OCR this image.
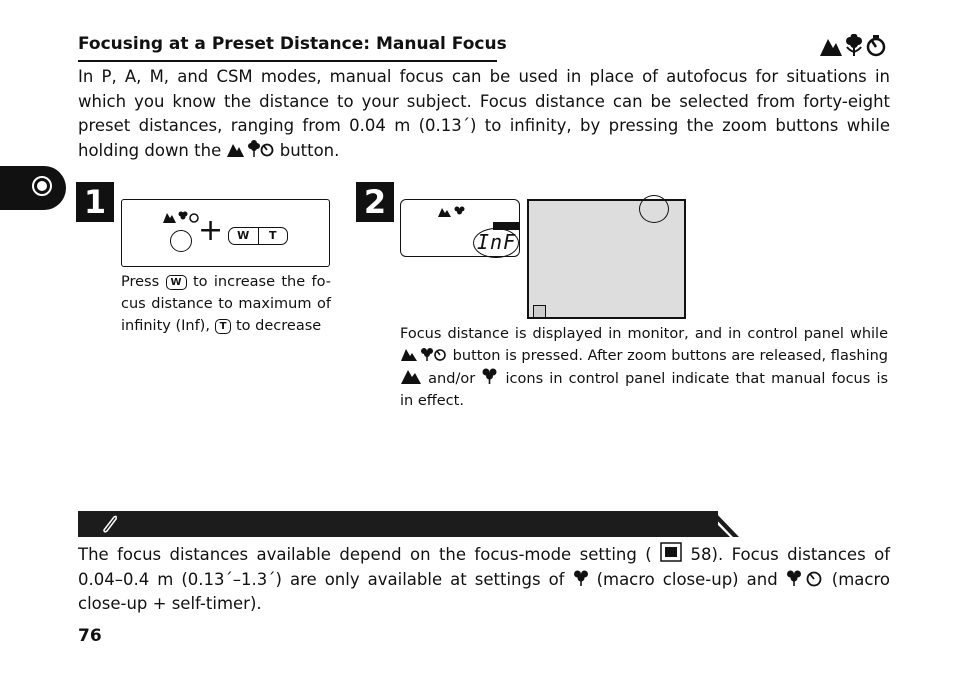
Focusing at a Preset Distance: Manual Focus
In P, A, M, and CSM modes, manual focus can be used in place of autofocus for situations in which you know the distance to your subject. Focus distance can be selected from forty-eight preset distances, ranging from 0.04 m (0.13´) to infinity, by pressing the zoom buttons while holding down the	button.
1
+	W	T
Press W to increase the fo-cus distance to maximum of infinity (Inf), T to decrease
2
InF
Focus distance is displayed in monitor, and in control panel while  button is pressed. After zoom buttons are released, flashing  and/or icons in control panel indicate that manual focus is in effect.
The focus distances available depend on the focus-mode setting ( 58). Focus distances of 0.04–0.4 m (0.13´–1.3´) are only available at settings of (macro close-up) and	(macro close-up + self-timer).
76
